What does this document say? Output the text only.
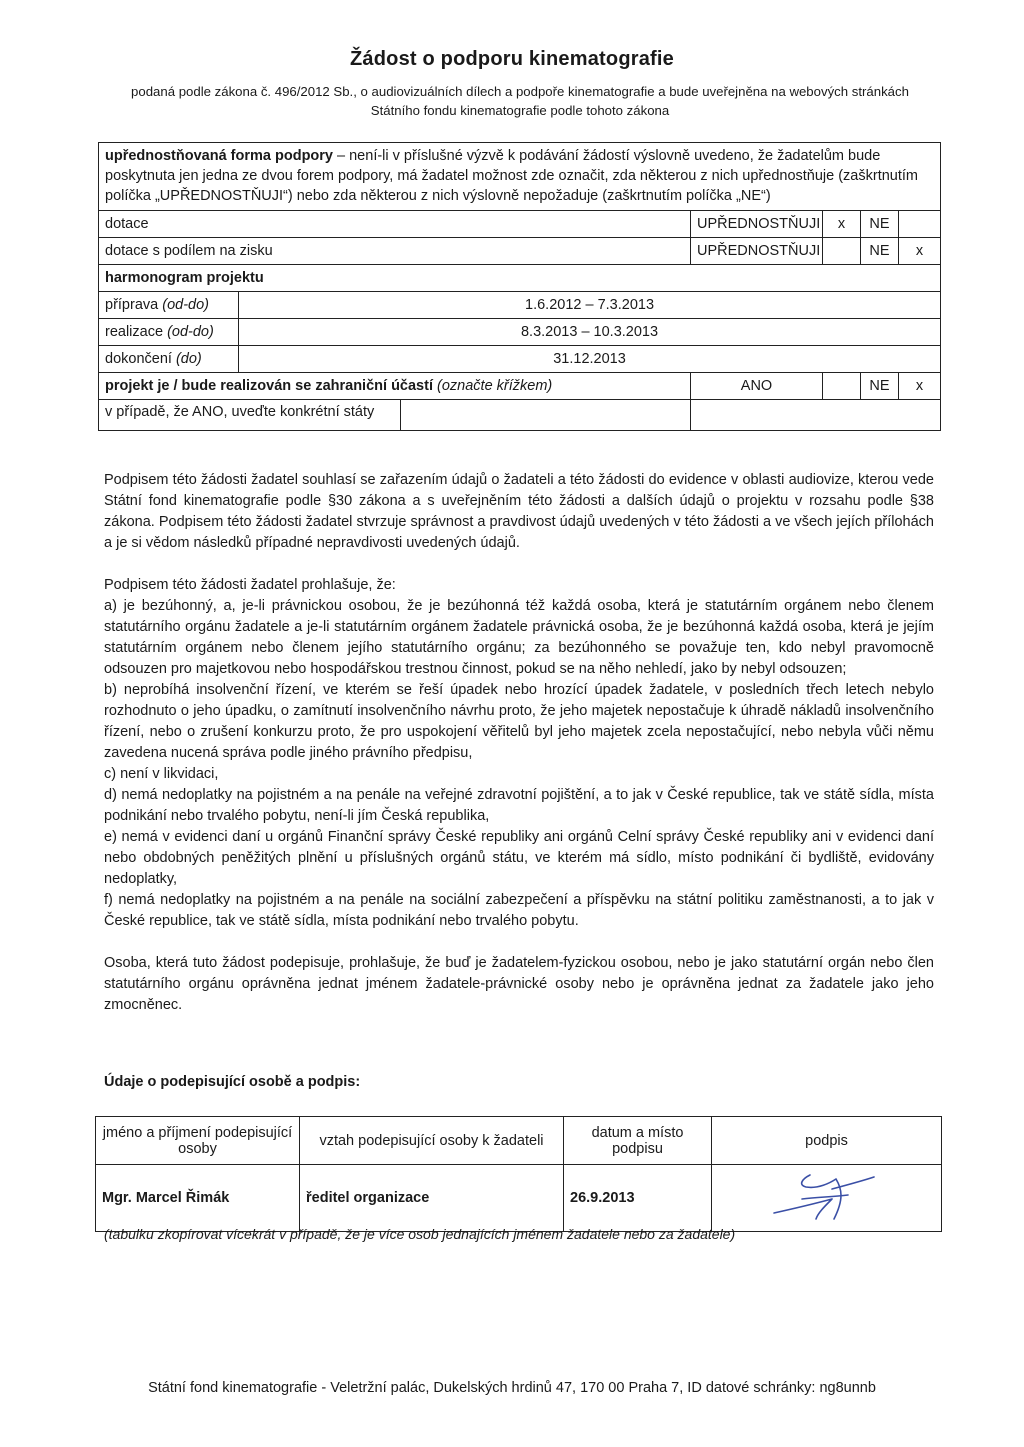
Žádost o podporu kinematografie
podaná podle zákona č. 496/2012 Sb., o audiovizuálních dílech a podpoře kinematografie a bude uveřejněna na webových stránkách Státního fondu kinematografie podle tohoto zákona
upřednostňovaná forma podpory – není-li v příslušné výzvě k podávání žádostí výslovně uvedeno, že žadatelům bude poskytnuta jen jedna ze dvou forem podpory, má žadatel možnost zde označit, zda některou z nich upřednostňuje (zaškrtnutím políčka „UPŘEDNOSTŇUJI“) nebo zda některou z nich výslovně nepožaduje (zaškrtnutím políčka „NE“)					
dotace		UPŘEDNOSTŇUJI	x	NE	
dotace s podílem na zisku		UPŘEDNOSTŇUJI		NE	x
harmonogram projektu					
příprava (od-do)	1.6.2012 – 7.3.2013				
realizace (od-do)	8.3.2013 – 10.3.2013				
dokončení (do)	31.12.2013				
projekt je / bude realizován se zahraniční účastí (označte křížkem)		ANO		NE	x

v případě, že ANO, uveďte konkrétní státy					

Podpisem této žádosti žadatel souhlasí se zařazením údajů o žadateli a této žádosti do evidence v oblasti audiovize, kterou vede Státní fond kinematografie podle §30 zákona a s uveřejněním této žádosti a dalších údajů o projektu v rozsahu podle §38 zákona. Podpisem této žádosti žadatel stvrzuje správnost a pravdivost údajů uvedených v této žádosti a ve všech jejích přílohách a je si vědom následků případné nepravdivosti uvedených údajů.

Podpisem této žádosti žadatel prohlašuje, že:

a) je bezúhonný, a, je-li právnickou osobou, že je bezúhonná též každá osoba, která je statutárním orgánem nebo členem statutárního orgánu žadatele a je-li statutárním orgánem žadatele právnická osoba, že je bezúhonná každá osoba, která je jejím statutárním orgánem nebo členem jejího statutárního orgánu; za bezúhonného se považuje ten, kdo nebyl pravomocně odsouzen pro majetkovou nebo hospodářskou trestnou činnost, pokud se na něho nehledí, jako by nebyl odsouzen;

b) neprobíhá insolvenční řízení, ve kterém se řeší úpadek nebo hrozící úpadek žadatele, v posledních třech letech nebylo rozhodnuto o jeho úpadku, o zamítnutí insolvenčního návrhu proto, že jeho majetek nepostačuje k úhradě nákladů insolvenčního řízení, nebo o zrušení konkurzu proto, že pro uspokojení věřitelů byl jeho majetek zcela nepostačující, nebo nebyla vůči němu zavedena nucená správa podle jiného právního předpisu,

c) není v likvidaci,

d) nemá nedoplatky na pojistném a na penále na veřejné zdravotní pojištění, a to jak v České republice, tak ve státě sídla, místa podnikání nebo trvalého pobytu, není-li jím Česká republika,

e) nemá v evidenci daní u orgánů Finanční správy České republiky ani orgánů Celní správy České republiky ani v evidenci daní nebo obdobných peněžitých plnění u příslušných orgánů státu, ve kterém má sídlo, místo podnikání či bydliště, evidovány nedoplatky,

f) nemá nedoplatky na pojistném a na penále na sociální zabezpečení a příspěvku na státní politiku zaměstnanosti, a to jak v České republice, tak ve státě sídla, místa podnikání nebo trvalého pobytu.

Osoba, která tuto žádost podepisuje, prohlašuje, že buď je žadatelem-fyzickou osobou, nebo je jako statutární orgán nebo člen statutárního orgánu oprávněna jednat jménem žadatele-právnické osoby nebo je oprávněna jednat za žadatele jako jeho zmocněnec.

Údaje o podepisující osobě a podpis:
jméno a příjmení podepisující osoby	vztah podepisující osoby k žadateli	datum a místo podpisu	podpis
Mgr. Marcel Řimák	ředitel organizace	26.9.2013	
(tabulku zkopírovat vícekrát v případě, že je více osob jednajících jménem žadatele nebo za žadatele)
Státní fond kinematografie - Veletržní palác, Dukelských hrdinů 47, 170 00 Praha 7, ID datové schránky: ng8unnb
